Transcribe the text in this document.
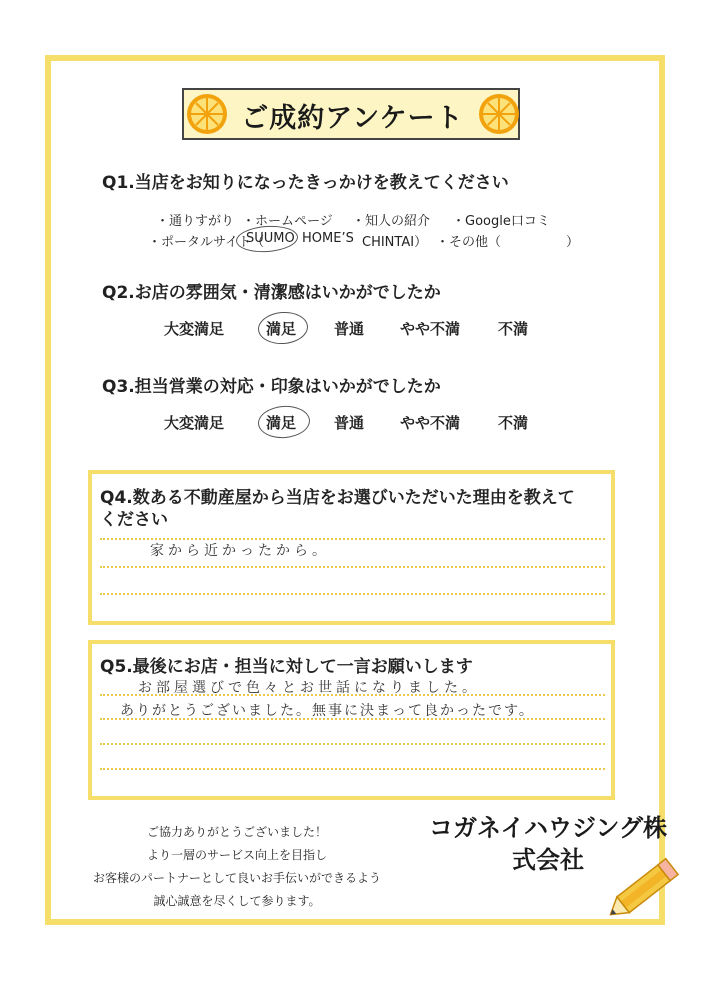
ご成約アンケート
Q1.当店をお知りになったきっかけを教えてください
・通りすがり ・ホームページ ・知人の紹介 ・Google口コミ
・ポータルサイト（
SUUMO HOME’S CHINTAI） ・その他（　　　　　）
Q2.お店の雰囲気・清潔感はいかがでしたか
大変満足	満足	普通 やや不満	不満
Q3.担当営業の対応・印象はいかがでしたか
大変満足	満足	普通 やや不満	不満
Q4.数ある不動産屋から当店をお選びいただいた理由を教えて
ください
家から近かったから。
Q5.最後にお店・担当に対して一言お願いします
お部屋選びで色々とお世話になりました。
ありがとうございました。無事に決まって良かったです。
ご協力ありがとうございました！
より一層のサービス向上を目指し
お客様のパートナーとして良いお手伝いができるよう
誠心誠意を尽くして参ります。
コガネイハウジング株
式会社
